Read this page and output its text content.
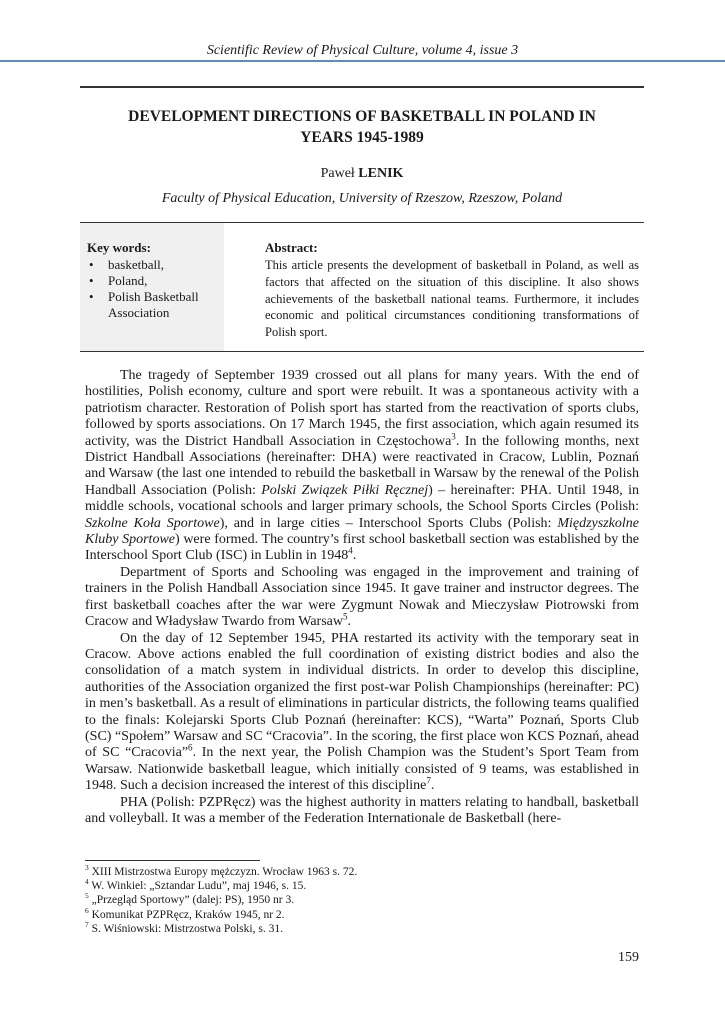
Scientific Review of Physical Culture, volume 4, issue 3
DEVELOPMENT DIRECTIONS OF BASKETBALL IN POLAND IN
YEARS 1945-1989
Paweł LENIK
Faculty of Physical Education, University of Rzeszow, Rzeszow, Poland
Key words:
• basketball,
• Poland,
• Polish Basketball Association
Abstract:
This article presents the development of basketball in Poland, as well as factors that affected on the situation of this discipline. It also shows achievements of the basketball national teams. Furthermore, it includes economic and political circumstances conditioning transformations of Polish sport.

The tragedy of September 1939 crossed out all plans for many years. With the end of hostilities, Polish economy, culture and sport were rebuilt. It was a spontaneous activity with a patriotism character. Restoration of Polish sport has started from the reactivation of sports clubs, followed by sports associations. On 17 March 1945, the first association, which again resumed its activity, was the District Handball Association in Częstochowa$^3$. In the following months, next District Handball Associations (hereinafter: DHA) were reactivated in Cracow, Lublin, Poznań and Warsaw (the last one intended to rebuild the basketball in Warsaw by the renewal of the Polish Handball Association (Polish: Polski Związek Piłki Ręcznej) – hereinafter: PHA. Until 1948, in middle schools, vocational schools and larger primary schools, the School Sports Circles (Polish: Szkolne Koła Sportowe), and in large cities – Interschool Sports Clubs (Polish: Międzyszkolne Kluby Sportowe) were formed. The country’s first school basketball section was established by the Interschool Sport Club (ISC) in Lublin in 1948$^4$.

Department of Sports and Schooling was engaged in the improvement and training of trainers in the Polish Handball Association since 1945. It gave trainer and instructor degrees. The first basketball coaches after the war were Zygmunt Nowak and Mieczysław Piotrowski from Cracow and Władysław Twardo from Warsaw$^5$.

On the day of 12 September 1945, PHA restarted its activity with the temporary seat in Cracow. Above actions enabled the full coordination of existing district bodies and also the consolidation of a match system in individual districts. In order to develop this discipline, authorities of the Association organized the first post-war Polish Championships (hereinafter: PC) in men’s basketball. As a result of eliminations in particular districts, the following teams qualified to the finals: Kolejarski Sports Club Poznań (hereinafter: KCS), “Warta” Poznań, Sports Club (SC) “Społem” Warsaw and SC “Cracovia”. In the scoring, the first place won KCS Poznań, ahead of SC “Cracovia”$^6$. In the next year, the Polish Champion was the Student’s Sport Team from Warsaw. Nationwide basketball league, which initially consisted of 9 teams, was established in 1948. Such a decision increased the interest of this discipline$^7$.

PHA (Polish: PZPRęcz) was the highest authority in matters relating to handball, basketball and volleyball. It was a member of the Federation Internationale de Basketball (here-

$^3$ XIII Mistrzostwa Europy mężczyzn. Wrocław 1963 s. 72.
$^4$ W. Winkiel: „Sztandar Ludu”, maj 1946, s. 15.
$^5$ „Przegląd Sportowy” (dalej: PS), 1950 nr 3.
$^6$ Komunikat PZPRęcz, Kraków 1945, nr 2.
$^7$ S. Wiśniowski: Mistrzostwa Polski, s. 31.
159
